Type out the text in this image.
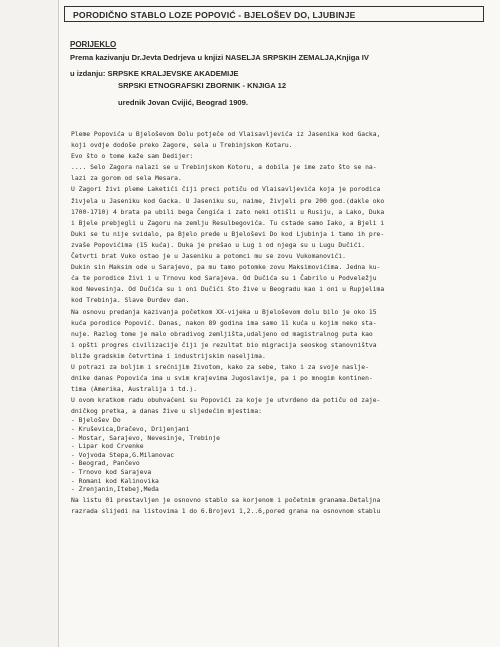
PORODIČNO STABLO LOZE POPOVIĆ - BJELOŠEV DO, LJUBINJE
PORIJEKLO
Prema kazivanju Dr.Jevta Dedrjeva u knjizi NASELJA SRPSKIH ZEMALJA,Knjiga IV
u izdanju: SRPSKE KRALJEVSKE AKADEMIJE
SRPSKI ETNOGRAFSKI ZBORNIK - KNJIGA 12
urednik Jovan Cvijić, Beograd 1909.
Pleme Popovića u Bjeloševom Dolu potječe od Vlaisavljevića iz Jasenika kod Gacka,
koji ovdje dođoše preko Zagore, sela u Trebinjskom Kotaru.
Evo što o tome kaže sam Dedijer:
.... Selo Zagora nalazi se u Trebinjskom Kotoru, a dobila je ime zato što se na-
lazi za gorom od sela Mesara.
U Zagori živi pleme Laketići čiji preci potiču od Vlaisavljevića koja je porodica
živjela u Jaseniku kod Gacka. U Jaseniku su, naime, živjeli pre 200 god.(dakle oko
1700-1710) 4 brata pa ubili bega Čengića i zato neki otišli u Rusiju, a Lako, Duka
i Bjele prebjegli u Zagoru na zemlju Resulbegovića. Tu cstade samo Iako, a Bjeli i
Duki se tu nije svidalo, pa Bjelo pređe u Bjeloševi Do kod Ljubinja i tamo ih pre-
zvaše Popovićima (15 kuća). Duka je prešao u Lug i od njega su u Lugu Dučići.
Četvrti brat Vuko ostao je u Jaseniku a potomci mu se zovu Vukomanovići.
Dukin sin Maksim ode u Sarajevo, pa mu tamo potomke zovu Maksimovićima. Jedna ku-
ća te porodice živi i u Trnovu kod Sarajeva. Od Dučića su i Čabrilo u Podveležju
kod Nevesinja. Od Dučića su i oni Dučići što žive u Beogradu kao i oni u Rupjelima
kod Trebinja. Slave Đurđev dan.
Na osnovu predanja kazivanja početkom XX-vijeka u Bjeloševom dolu bilo je oko 15
kuća porodice Popović. Danas, nakon 89 godina ima samo 11 kuća u kojim neko sta-
nuje. Razlog tome je malo obradivog zemljišta,udaljeno od magistralnog puta kao
i opšti progres civilizacije čiji je rezultat bio migracija seoskog stanovništva
bliže gradskim četvrtima i industrijskim naseljima.
U potrazi za boljim i srećnijim životom, kako za sebe, tako i za svoje naslje-
dnike danas Popovića ima u svim krajevima Jugoslavije, pa i po mnogim kontinen-
tima (Amerika, Australija i td.).
U ovom kratkom radu obuhvaćeni su Popovići za koje je utvrđeno da potiču od zaje-
dničkog pretka, a danas žive u sljedećim mjestima:
- Bjelošev Do
- Kruševica,Dračevo, Drijenjani
- Mostar, Sarajevo, Nevesinje, Trebinje
- Lipar kod Crvenke
- Vojvoda Stepa,G.Milanovac
- Beograd, Pančevo
- Trnovo kod Sarajeva
- Romani kod Kalinovika
- Zrenjanin,Itebej,Međa
Na listu 01 prestavljen je osnovno stablo sa korjenom i početnim granama.Detaljna
razrada slijedi na listovima 1 do 6.Brojevi 1,2..6,pored grana na osnovnom stablu
